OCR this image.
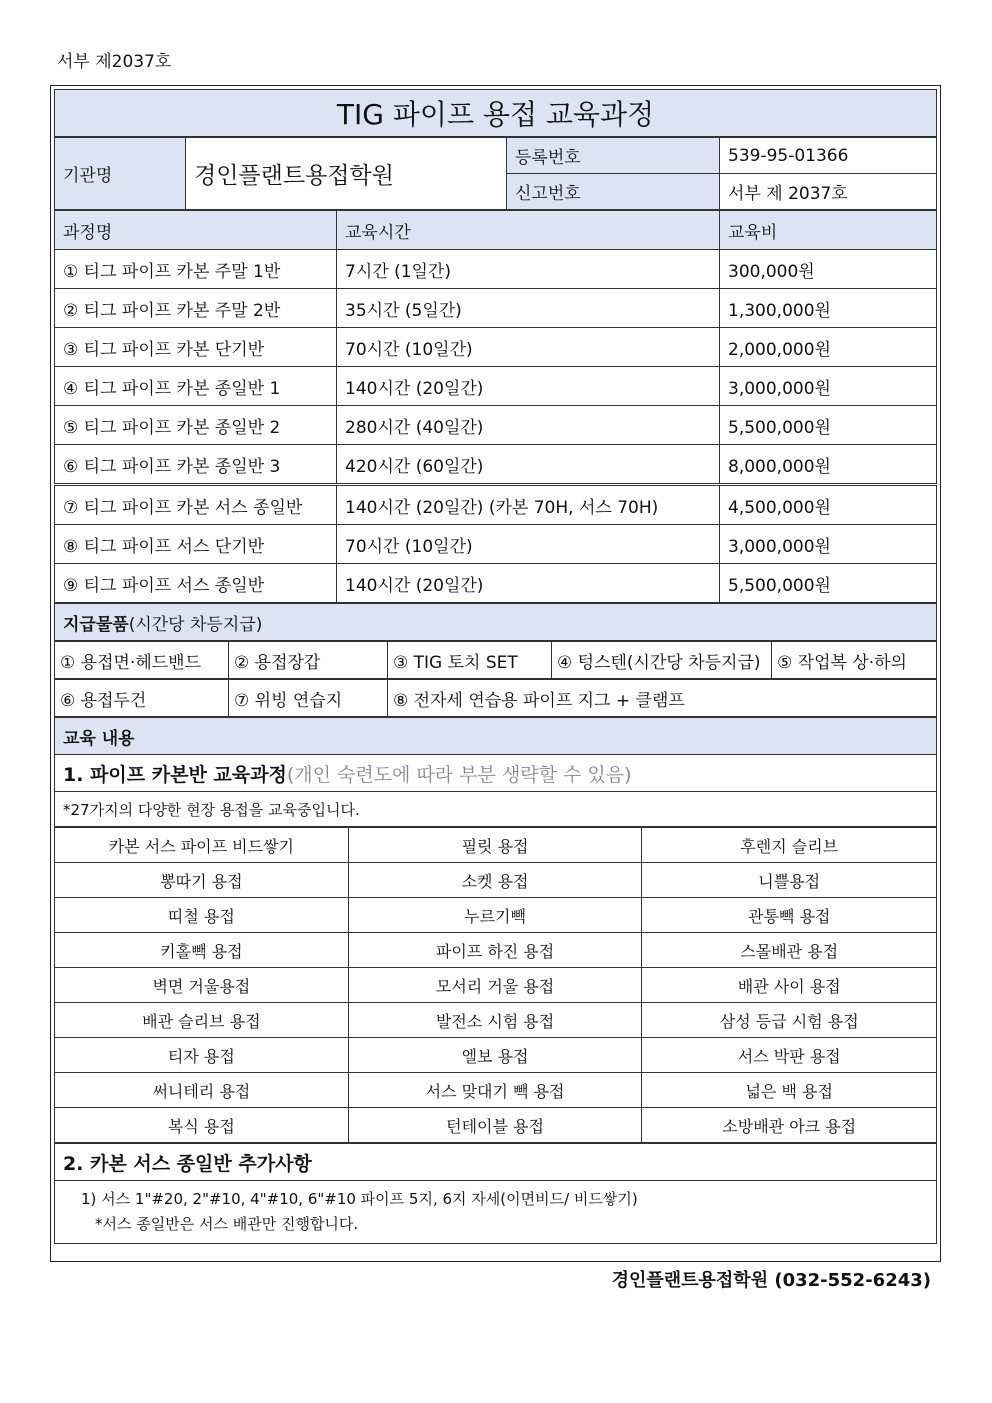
서부 제2037호
TIG 파이프 용접 교육과정
기관명	경인플랜트용접학원	등록번호	539-95-01366
		신고번호	서부 제 2037호
과정명	교육시간	교육비
① 티그 파이프 카본 주말 1반	7시간 (1일간)	300,000원
② 티그 파이프 카본 주말 2반	35시간 (5일간)	1,300,000원
③ 티그 파이프 카본 단기반	70시간 (10일간)	2,000,000원
④ 티그 파이프 카본 종일반 1	140시간 (20일간)	3,000,000원
⑤ 티그 파이프 카본 종일반 2	280시간 (40일간)	5,500,000원
⑥ 티그 파이프 카본 종일반 3	420시간 (60일간)	8,000,000원
⑦ 티그 파이프 카본 서스 종일반	140시간 (20일간) (카본 70H, 서스 70H)	4,500,000원
⑧ 티그 파이프 서스 단기반	70시간 (10일간)	3,000,000원
⑨ 티그 파이프 서스 종일반	140시간 (20일간)	5,500,000원
지급물품(시간당 차등지급)
① 용접면·헤드밴드	② 용접장갑	③ TIG 토치 SET	④ 텅스텐(시간당 차등지급)	⑤ 작업복 상·하의
⑥ 용접두건	⑦ 위빙 연습지	⑧ 전자세 연습용 파이프 지그 + 클램프
교육 내용
1. 파이프 카본반 교육과정(개인 숙련도에 따라 부분 생략할 수 있음)
*27가지의 다양한 현장 용접을 교육중입니다.
카본 서스 파이프 비드쌓기	필릿 용접	후렌지 슬리브
뽕따기 용접	소켓 용접	니쁠용접
띠철 용접	누르기빽	관통빽 용접
키홀빽 용접	파이프 하진 용접	스몰배관 용접
벽면 거울용접	모서리 거울 용접	배관 사이 용접
배관 슬리브 용접	발전소 시험 용접	삼성 등급 시험 용접
티자 용접	엘보 용접	서스 박판 용접
써니테리 용접	서스 맞대기 빽 용접	넓은 백 용접
복식 용접	턴테이블 용접	소방배관 아크 용접
2. 카본 서스 종일반 추가사항

1) 서스 1"#20, 2"#10, 4"#10, 6"#10 파이프 5지, 6지 자세(이면비드/ 비드쌓기)
*서스 종일반은 서스 배관만 진행합니다.
경인플랜트용접학원 (032-552-6243)
